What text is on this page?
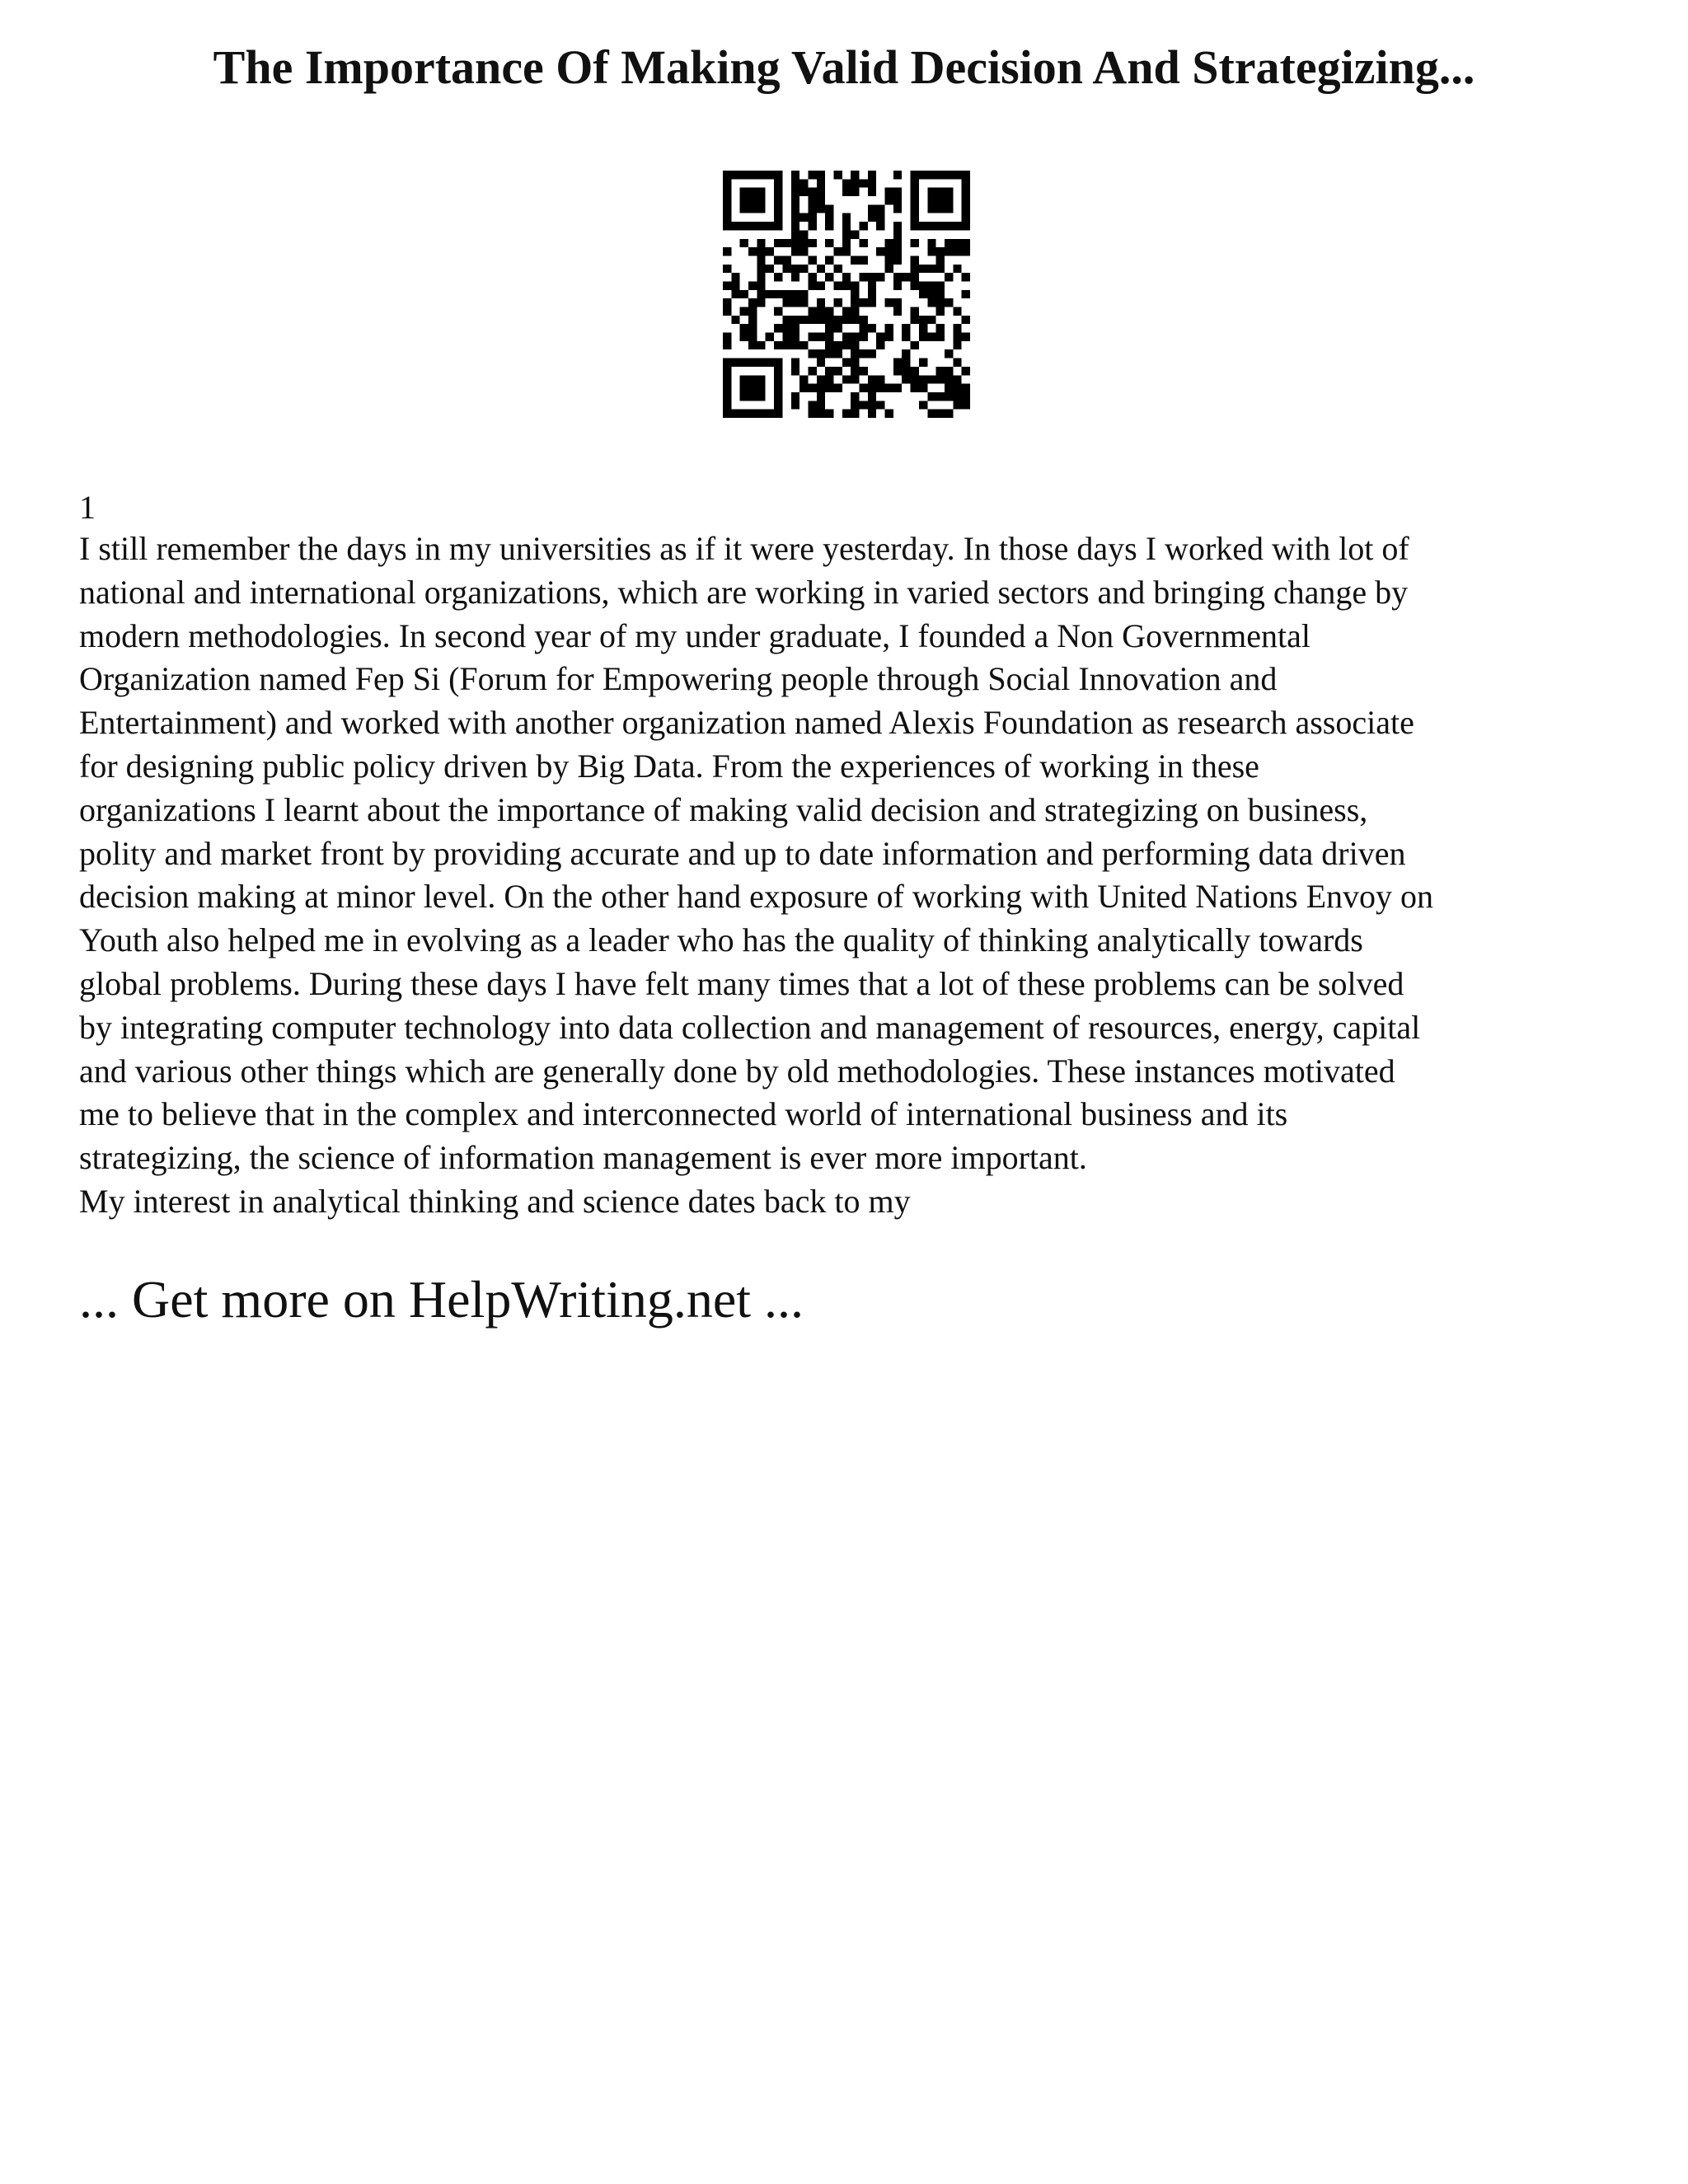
The Importance Of Making Valid Decision And Strategizing...
1

I still remember the days in my universities as if it were yesterday. In those days I worked with lot of
national and international organizations, which are working in varied sectors and bringing change by
modern methodologies. In second year of my under graduate, I founded a Non Governmental
Organization named Fep Si (Forum for Empowering people through Social Innovation and
Entertainment) and worked with another organization named Alexis Foundation as research associate
for designing public policy driven by Big Data. From the experiences of working in these
organizations I learnt about the importance of making valid decision and strategizing on business,
polity and market front by providing accurate and up to date information and performing data driven
decision making at minor level. On the other hand exposure of working with United Nations Envoy on
Youth also helped me in evolving as a leader who has the quality of thinking analytically towards
global problems. During these days I have felt many times that a lot of these problems can be solved
by integrating computer technology into data collection and management of resources, energy, capital
and various other things which are generally done by old methodologies. These instances motivated
me to believe that in the complex and interconnected world of international business and its
strategizing, the science of information management is ever more important.

My interest in analytical thinking and science dates back to my

... Get more on HelpWriting.net ...
